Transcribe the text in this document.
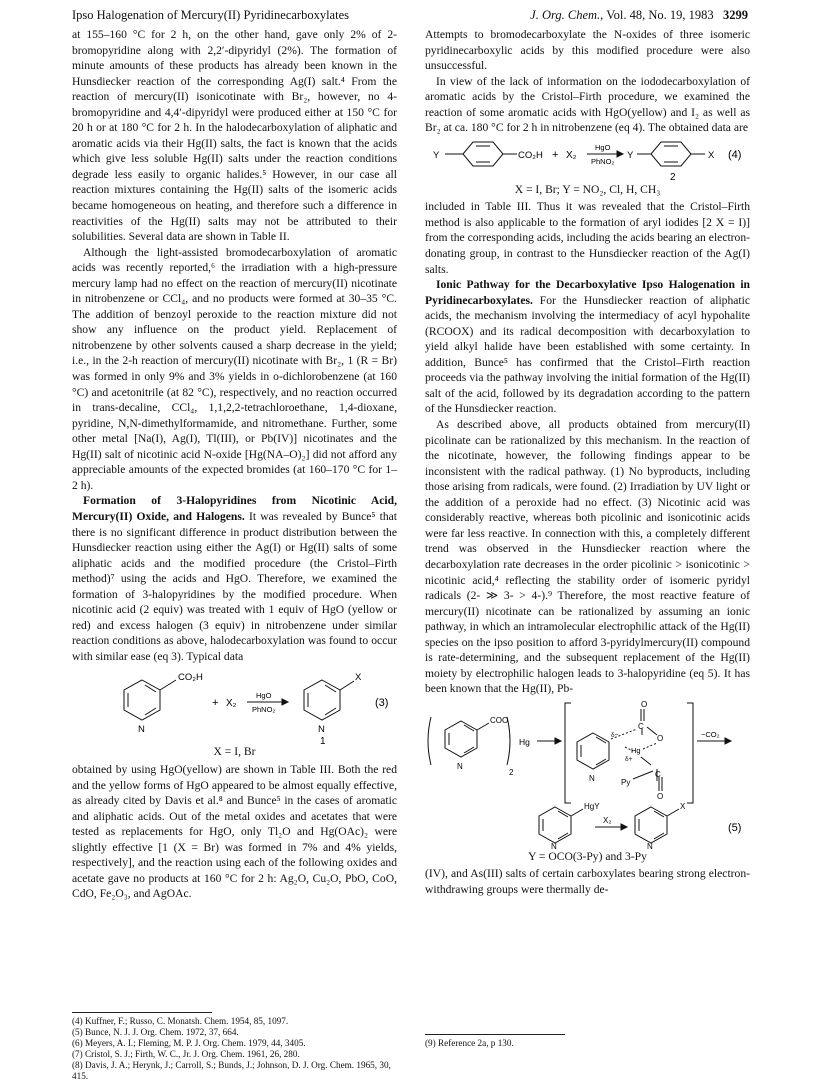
Ipso Halogenation of Mercury(II) Pyridinecarboxylates	J. Org. Chem., Vol. 48, No. 19, 1983 3299

at 155–160 °C for 2 h, on the other hand, gave only 2% of 2-bromopyridine along with 2,2′-dipyridyl (2%). The formation of minute amounts of these products has already been known in the Hunsdiecker reaction of the corresponding Ag(I) salt.⁴ From the reaction of mercury(II) isonicotinate with Br₂, however, no 4-bromopyridine and 4,4′-dipyridyl were produced either at 150 °C for 20 h or at 180 °C for 2 h. In the halodecarboxylation of aliphatic and aromatic acids via their Hg(II) salts, the fact is known that the acids which give less soluble Hg(II) salts under the reaction conditions degrade less easily to organic halides.⁵ However, in our case all reaction mixtures containing the Hg(II) salts of the isomeric acids became homogeneous on heating, and therefore such a difference in reactivities of the Hg(II) salts may not be attributed to their solubilities. Several data are shown in Table II.

Although the light-assisted bromodecarboxylation of aromatic acids was recently reported,⁶ the irradiation with a high-pressure mercury lamp had no effect on the reaction of mercury(II) nicotinate in nitrobenzene or CCl₄, and no products were formed at 30–35 °C. The addition of benzoyl peroxide to the reaction mixture did not show any influence on the product yield. Replacement of nitrobenzene by other solvents caused a sharp decrease in the yield; i.e., in the 2-h reaction of mercury(II) nicotinate with Br₂, 1 (R = Br) was formed in only 9% and 3% yields in o-dichlorobenzene (at 160 °C) and acetonitrile (at 82 °C), respectively, and no reaction occurred in trans-decaline, CCl₄, 1,1,2,2-tetrachloroethane, 1,4-dioxane, pyridine, N,N-dimethylformamide, and nitromethane. Further, some other metal [Na(I), Ag(I), Tl(III), or Pb(IV)] nicotinates and the Hg(II) salt of nicotinic acid N-oxide [Hg(NA–O)₂] did not afford any appreciable amounts of the expected bromides (at 160–170 °C for 1–2 h).

Formation of 3-Halopyridines from Nicotinic Acid, Mercury(II) Oxide, and Halogens. It was revealed by Bunce⁵ that there is no significant difference in product distribution between the Hunsdiecker reaction using either the Ag(I) or Hg(II) salts of some aliphatic acids and the modified procedure (the Cristol–Firth method)⁷ using the acids and HgO. Therefore, we examined the formation of 3-halopyridines by the modified procedure. When nicotinic acid (2 equiv) was treated with 1 equiv of HgO (yellow or red) and excess halogen (3 equiv) in nitrobenzene under similar reaction conditions as above, halodecarboxylation was found to occur with similar ease (eq 3). Typical data

CO₂H
N
+ X₂
HgO
PhNO₂
X
N
1
(3)
X = I, Br

obtained by using HgO(yellow) are shown in Table III. Both the red and the yellow forms of HgO appeared to be almost equally effective, as already cited by Davis et al.⁸ and Bunce⁵ in the cases of aromatic and aliphatic acids. Out of the metal oxides and acetates that were tested as replacements for HgO, only Tl₂O and Hg(OAc)₂ were slightly effective [1 (X = Br) was formed in 7% and 4% yields, respectively], and the reaction using each of the following oxides and acetate gave no products at 160 °C for 2 h: Ag₂O, Cu₂O, PbO, CoO, CdO, Fe₂O₃, and AgOAc.

(4) Kuffner, F.; Russo, C. Monatsh. Chem. 1954, 85, 1097.
(5) Bunce, N. J. J. Org. Chem. 1972, 37, 664.
(6) Meyers, A. I.; Fleming, M. P. J. Org. Chem. 1979, 44, 3405.
(7) Cristol, S. J.; Firth, W. C., Jr. J. Org. Chem. 1961, 26, 280.
(8) Davis, J. A.; Herynk, J.; Carroll, S.; Bunds, J.; Johnson, D. J. Org. Chem. 1965, 30, 415.

Attempts to bromodecarboxylate the N-oxides of three isomeric pyridinecarboxylic acids by this modified procedure were also unsuccessful.

In view of the lack of information on the iododecarboxylation of aromatic acids by the Cristol–Firth procedure, we examined the reaction of some aromatic acids with HgO(yellow) and I₂ as well as Br₂ at ca. 180 °C for 2 h in nitrobenzene (eq 4). The obtained data are

Y	CO₂H + X₂
HgO
PhNO₂
Y	X
2
(4)
X = I, Br; Y = NO₂, Cl, H, CH₃

included in Table III. Thus it was revealed that the Cristol–Firth method is also applicable to the formation of aryl iodides [2 X = I)] from the corresponding acids, including the acids bearing an electron-donating group, in contrast to the Hunsdiecker reaction of the Ag(I) salts.

Ionic Pathway for the Decarboxylative Ipso Halogenation in Pyridinecarboxylates. For the Hunsdiecker reaction of aliphatic acids, the mechanism involving the intermediacy of acyl hypohalite (RCOOX) and its radical decomposition with decarboxylation to yield alkyl halide have been established with some certainty. In addition, Bunce⁵ has confirmed that the Cristol–Firth reaction proceeds via the pathway involving the initial formation of the Hg(II) salt of the acid, followed by its degradation according to the pattern of the Hunsdiecker reaction.

As described above, all products obtained from mercury(II) picolinate can be rationalized by this mechanism. In the reaction of the nicotinate, however, the following findings appear to be inconsistent with the radical pathway. (1) No byproducts, including those arising from radicals, were found. (2) Irradiation by UV light or the addition of a peroxide had no effect. (3) Nicotinic acid was considerably reactive, whereas both picolinic and isonicotinic acids were far less reactive. In connection with this, a completely different trend was observed in the Hunsdiecker reaction where the decarboxylation rate decreases in the order picolinic > isonicotinic > nicotinic acid,⁴ reflecting the stability order of isomeric pyridyl radicals (2- ≫ 3- > 4-).⁹ Therefore, the most reactive feature of mercury(II) nicotinate can be rationalized by assuming an ionic pathway, in which an intramolecular electrophilic attack of the Hg(II) species on the ipso position to afford 3-pyridylmercury(II) compound is rate-determining, and the subsequent replacement of the Hg(II) moiety by electrophilic halogen leads to 3-halopyridine (eq 5). It has been known that the Hg(II), Pb-

COO
N
2
Hg
O
C
O
δ−
Hg
δ+
C
O
Py
N
−CO₂
HgY
N
X₂
X
N
(5)
Y = OCO(3-Py) and 3-Py

(IV), and As(III) salts of certain carboxylates bearing strong electron-withdrawing groups were thermally de-

(9) Reference 2a, p 130.
